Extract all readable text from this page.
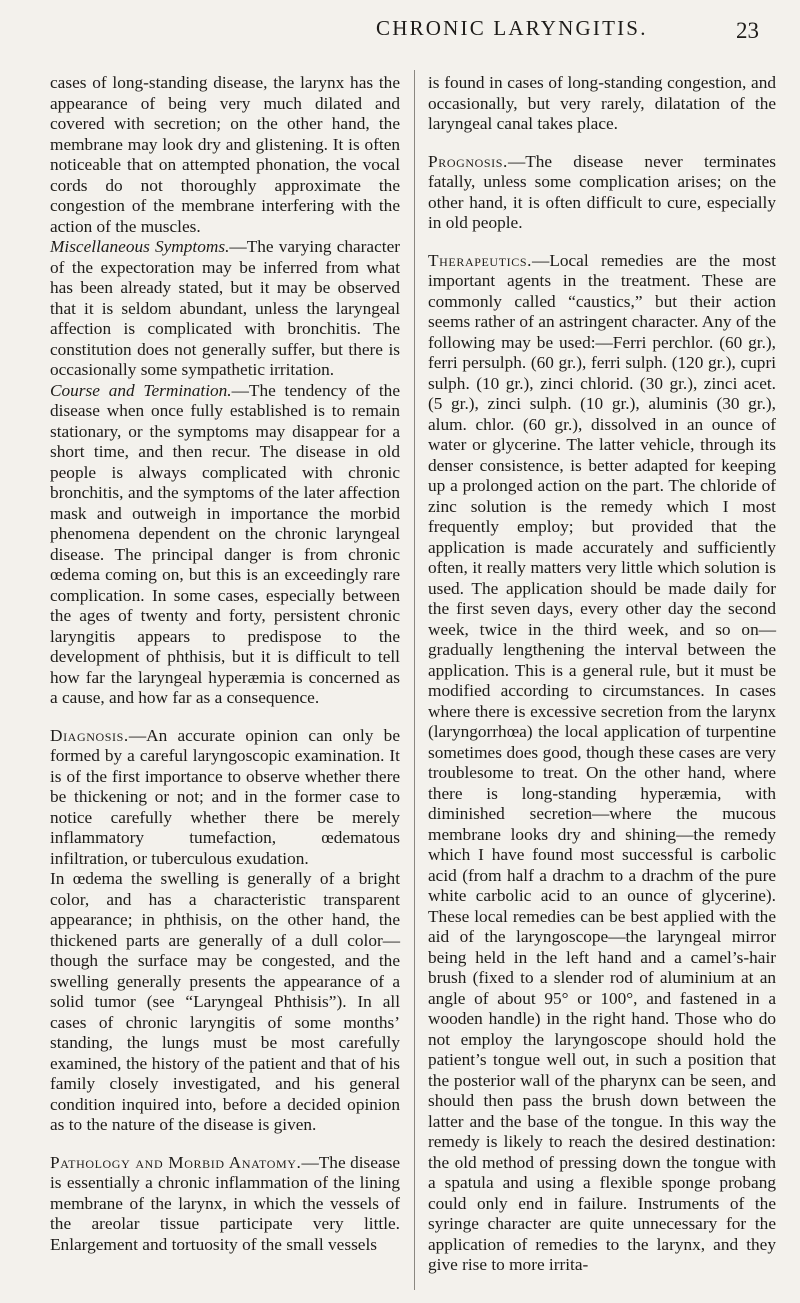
CHRONIC LARYNGITIS.	23

cases of long-standing disease, the larynx has the appearance of being very much dilated and covered with secretion; on the other hand, the membrane may look dry and glistening. It is often noticeable that on attempted phonation, the vocal cords do not thoroughly approximate the congestion of the membrane interfering with the action of the muscles.

Miscellaneous Symptoms.—The varying character of the expectoration may be inferred from what has been already stated, but it may be observed that it is seldom abundant, unless the laryngeal affection is complicated with bronchitis. The constitution does not generally suffer, but there is occasionally some sympathetic irritation.

Course and Termination.—The tendency of the disease when once fully established is to remain stationary, or the symptoms may disappear for a short time, and then recur. The disease in old people is always complicated with chronic bronchitis, and the symptoms of the later affection mask and outweigh in importance the morbid phenomena dependent on the chronic laryngeal disease. The principal danger is from chronic œdema coming on, but this is an exceedingly rare complication. In some cases, especially between the ages of twenty and forty, persistent chronic laryngitis appears to predispose to the development of phthisis, but it is difficult to tell how far the laryngeal hyperæmia is concerned as a cause, and how far as a consequence.

Diagnosis.—An accurate opinion can only be formed by a careful laryngoscopic examination. It is of the first importance to observe whether there be thickening or not; and in the former case to notice carefully whether there be merely inflammatory tumefaction, œdematous infiltration, or tuberculous exudation.

In œdema the swelling is generally of a bright color, and has a characteristic transparent appearance; in phthisis, on the other hand, the thickened parts are generally of a dull color—though the surface may be congested, and the swelling generally presents the appearance of a solid tumor (see “Laryngeal Phthisis”). In all cases of chronic laryngitis of some months’ standing, the lungs must be most carefully examined, the history of the patient and that of his family closely investigated, and his general condition inquired into, before a decided opinion as to the nature of the disease is given.

Pathology and Morbid Anatomy.—The disease is essentially a chronic inflammation of the lining membrane of the larynx, in which the vessels of the areolar tissue participate very little. Enlargement and tortuosity of the small vessels

is found in cases of long-standing congestion, and occasionally, but very rarely, dilatation of the laryngeal canal takes place.

Prognosis.—The disease never terminates fatally, unless some complication arises; on the other hand, it is often difficult to cure, especially in old people.

Therapeutics.—Local remedies are the most important agents in the treatment. These are commonly called “caustics,” but their action seems rather of an astringent character. Any of the following may be used:—Ferri perchlor. (60 gr.), ferri persulph. (60 gr.), ferri sulph. (120 gr.), cupri sulph. (10 gr.), zinci chlorid. (30 gr.), zinci acet. (5 gr.), zinci sulph. (10 gr.), aluminis (30 gr.), alum. chlor. (60 gr.), dissolved in an ounce of water or glycerine. The latter vehicle, through its denser consistence, is better adapted for keeping up a prolonged action on the part. The chloride of zinc solution is the remedy which I most frequently employ; but provided that the application is made accurately and sufficiently often, it really matters very little which solution is used. The application should be made daily for the first seven days, every other day the second week, twice in the third week, and so on—gradually lengthening the interval between the application. This is a general rule, but it must be modified according to circumstances. In cases where there is excessive secretion from the larynx (laryngorrhœa) the local application of turpentine sometimes does good, though these cases are very troublesome to treat. On the other hand, where there is long-standing hyperæmia, with diminished secretion—where the mucous membrane looks dry and shining—the remedy which I have found most successful is carbolic acid (from half a drachm to a drachm of the pure white carbolic acid to an ounce of glycerine). These local remedies can be best applied with the aid of the laryngoscope—the laryngeal mirror being held in the left hand and a camel’s-hair brush (fixed to a slender rod of aluminium at an angle of about 95° or 100°, and fastened in a wooden handle) in the right hand. Those who do not employ the laryngoscope should hold the patient’s tongue well out, in such a position that the posterior wall of the pharynx can be seen, and should then pass the brush down between the latter and the base of the tongue. In this way the remedy is likely to reach the desired destination: the old method of pressing down the tongue with a spatula and using a flexible sponge probang could only end in failure. Instruments of the syringe character are quite unnecessary for the application of remedies to the larynx, and they give rise to more irrita-
